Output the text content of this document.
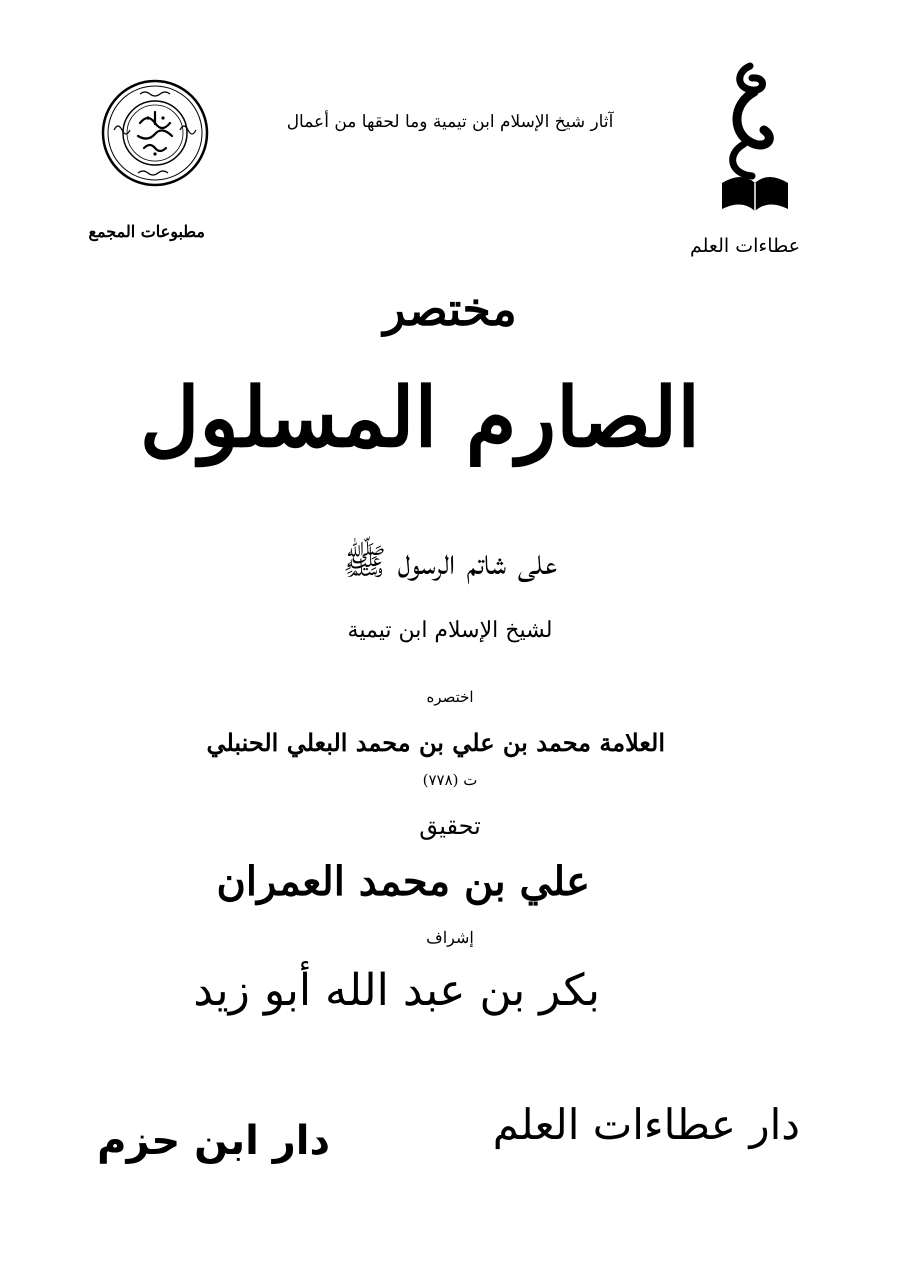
مطبوعات المجمع
عطاءات العلم
آثار شيخ الإسلام ابن تيمية وما لحقها من أعمال
مختصر
الصارم المسلول
على شاتم الرسول ﷺ
لشيخ الإسلام ابن تيمية
اختصره
العلامة محمد بن علي بن محمد البعلي الحنبلي
ت (٧٧٨)
تحقيق
علي بن محمد العمران
إشراف
بكر بن عبد الله أبو زيد
دار ابن حزم	دار عطاءات العلم
